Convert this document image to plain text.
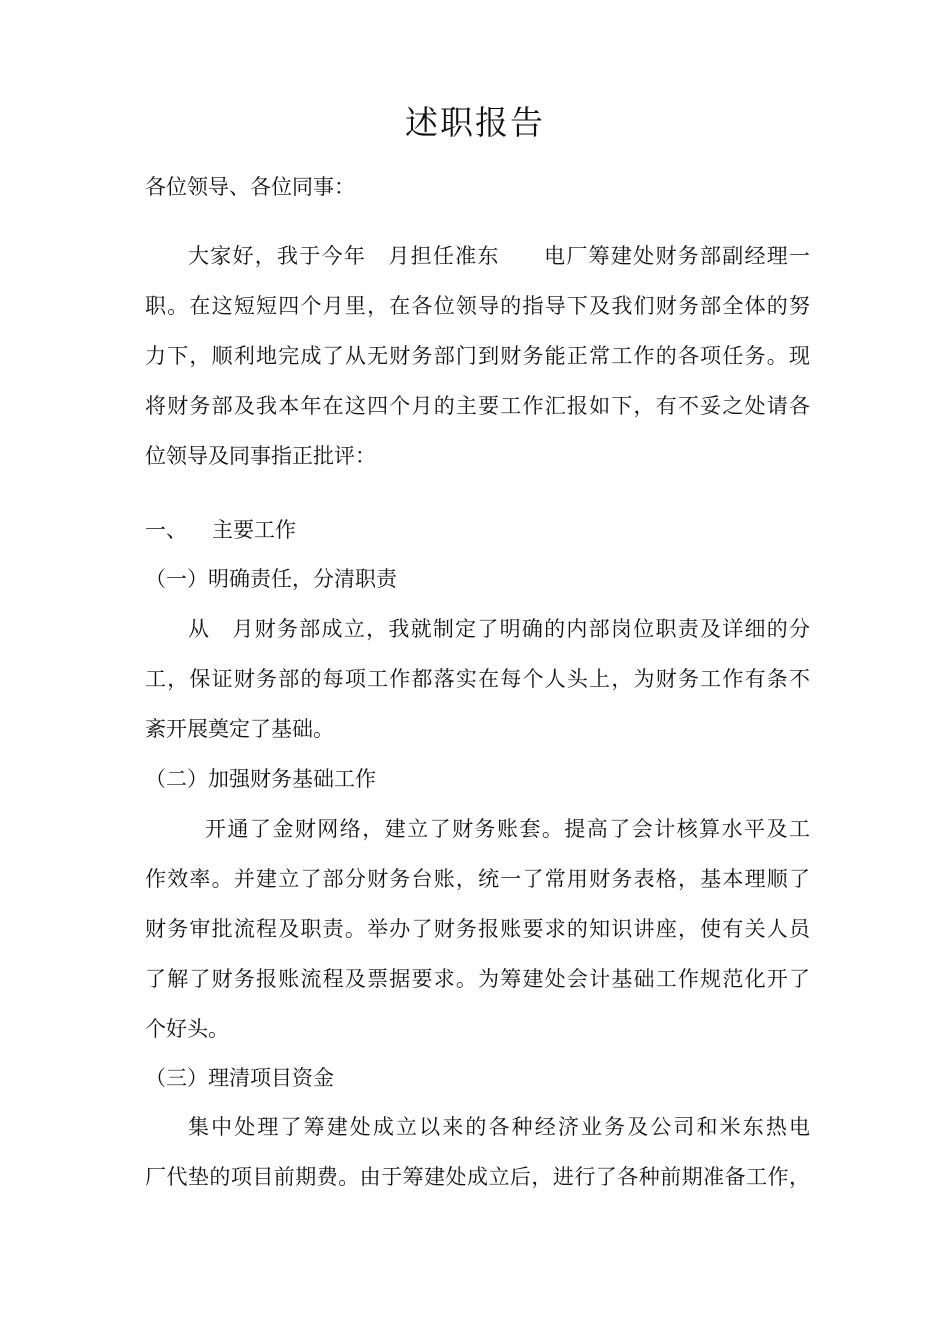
述职报告

各位领导、各位同事：

大家好，我于今年　月担任准东　　电厂筹建处财务部副经理一

职。在这短短四个月里，在各位领导的指导下及我们财务部全体的努

力下，顺利地完成了从无财务部门到财务能正常工作的各项任务。现

将财务部及我本年在这四个月的主要工作汇报如下，有不妥之处请各

位领导及同事指正批评：

一、 主要工作

（一）明确责任，分清职责

从　月财务部成立，我就制定了明确的内部岗位职责及详细的分

工，保证财务部的每项工作都落实在每个人头上，为财务工作有条不

紊开展奠定了基础。

（二）加强财务基础工作

开通了金财网络，建立了财务账套。提高了会计核算水平及工

作效率。并建立了部分财务台账，统一了常用财务表格，基本理顺了

财务审批流程及职责。举办了财务报账要求的知识讲座，使有关人员

了解了财务报账流程及票据要求。为筹建处会计基础工作规范化开了

个好头。

（三）理清项目资金

集中处理了筹建处成立以来的各种经济业务及公司和米东热电

厂代垫的项目前期费。由于筹建处成立后，进行了各种前期准备工作，
